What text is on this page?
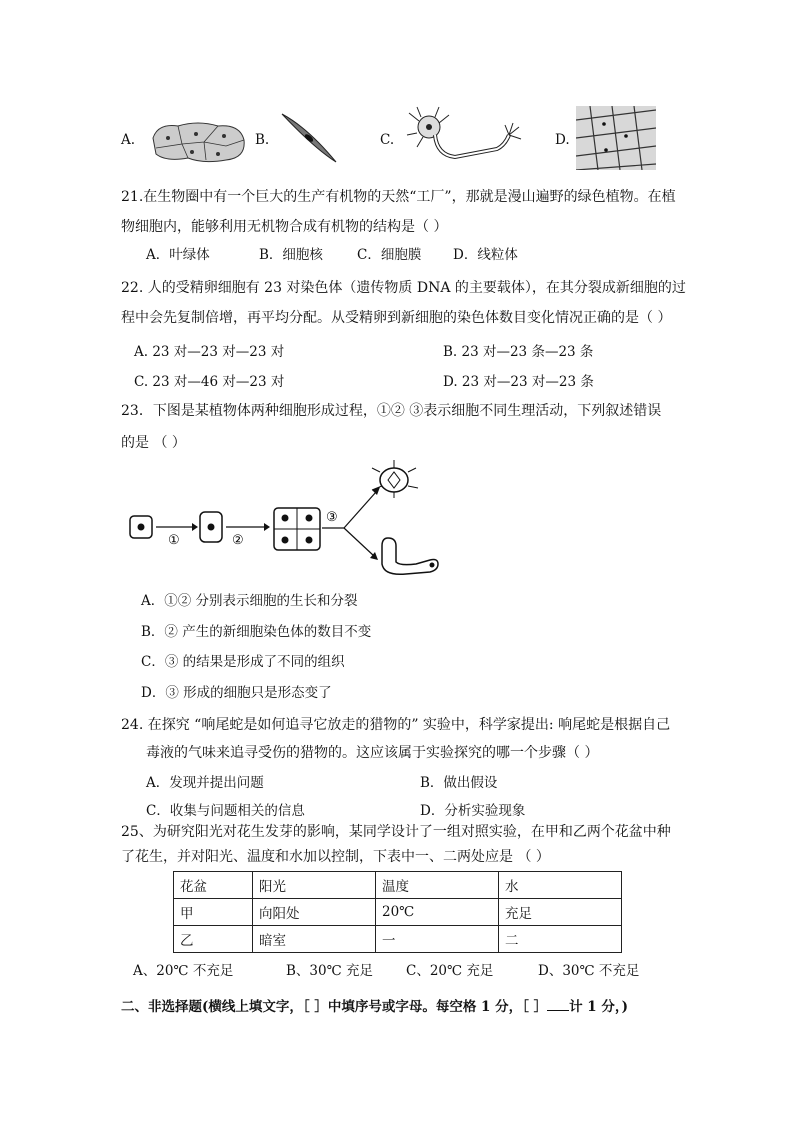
A.	B.	C.	D.
21.在生物圈中有一个巨大的生产有机物的天然“工厂”，那就是漫山遍野的绿色植物。在植
物细胞内，能够利用无机物合成有机物的结构是（ ）
A．叶绿体	B．细胞核	C．细胞膜 D．线粒体
22. 人的受精卵细胞有 23 对染色体（遗传物质 DNA 的主要载体），在其分裂成新细胞的过
程中会先复制倍增，再平均分配。从受精卵到新细胞的染色体数目变化情况正确的是（ ）
A. 23 对—23 对—23 对	B. 23 对—23 条—23 条
C. 23 对—46 对—23 对	D. 23 对—23 对—23 条
23．下图是某植物体两种细胞形成过程，①② ③表示细胞不同生理活动，下列叙述错误
的是 （ ）
①	②
③
A．①② 分别表示细胞的生长和分裂
B．② 产生的新细胞染色体的数目不变
C．③ 的结果是形成了不同的组织
D．③ 形成的细胞只是形态变了
24. 在探究 “响尾蛇是如何追寻它放走的猎物的” 实验中，科学家提出: 响尾蛇是根据自己
毒液的气味来追寻受伤的猎物的。这应该属于实验探究的哪一个步骤（ ）
A．发现并提出问题	B．做出假设
C．收集与问题相关的信息	D．分析实验现象
25、为研究阳光对花生发芽的影响，某同学设计了一组对照实验，在甲和乙两个花盆中种
了花生，并对阳光、温度和水加以控制，下表中一、二两处应是 （ ）
花盆	阳光	温度	水
甲	向阳处	20℃	充足
乙	暗室	一	二
A、20℃ 不充足	B、30℃ 充足 C、20℃ 充足	D、30℃ 不充足
二、非选择题(横线上填文字，［ ］中填序号或字母。每空格 1 分，［ ］ 计 1 分，)
